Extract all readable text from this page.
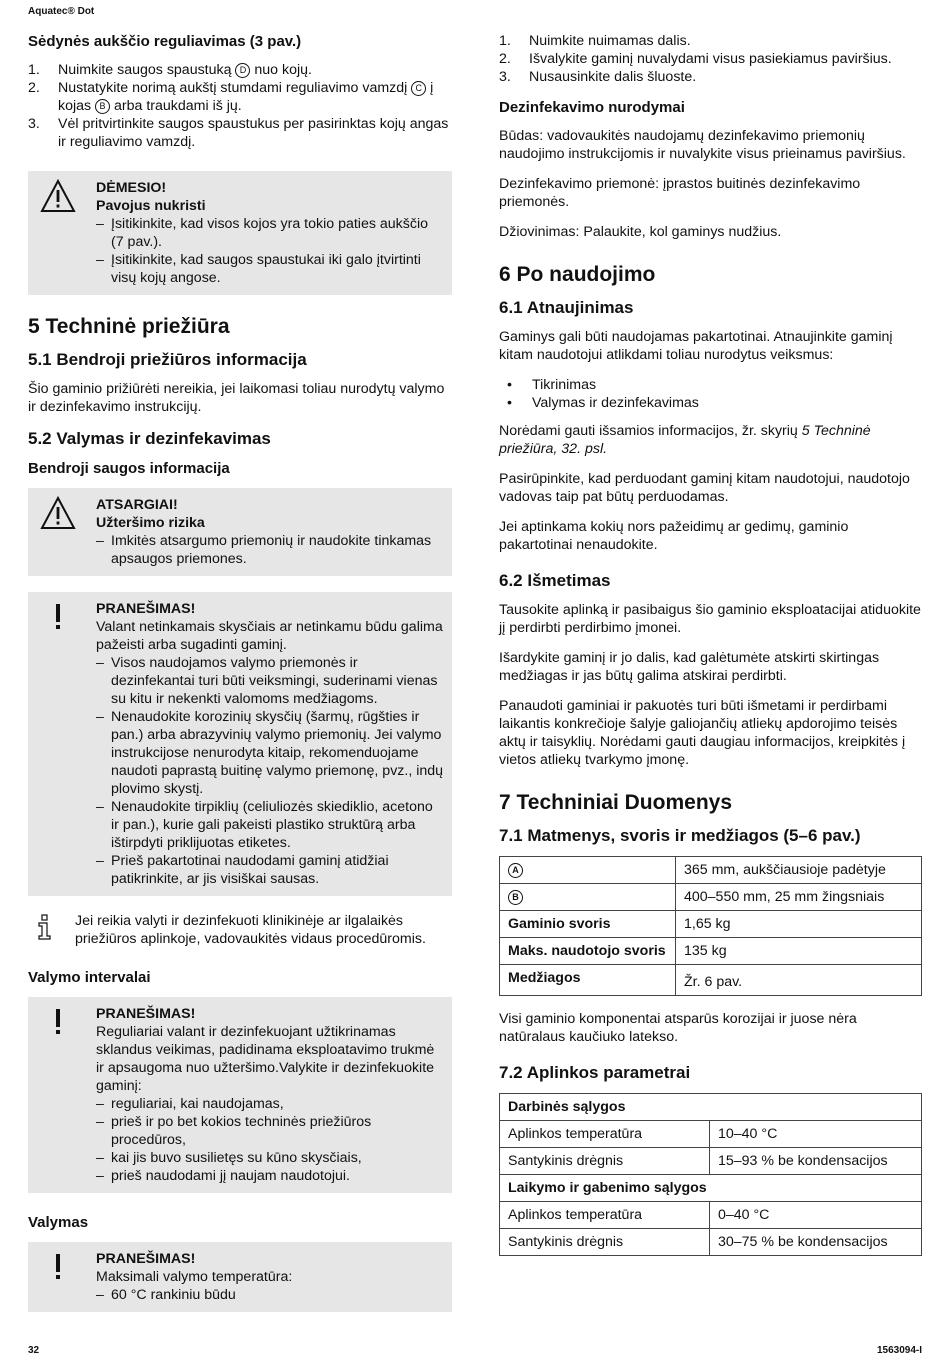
Aquatec® Dot
Sėdynės aukščio reguliavimas (3 pav.)
1. Nuimkite saugos spaustuką D nuo kojų.
2. Nustatykite norimą aukštį stumdami reguliavimo vamzdį C į kojas B arba traukdami iš jų.
3. Vėl pritvirtinkite saugos spaustukus per pasirinktas kojų angas ir reguliavimo vamzdį.
DĖMESIO!
Pavojus nukristi
– Įsitikinkite, kad visos kojos yra tokio paties aukščio (7 pav.).
– Įsitikinkite, kad saugos spaustukai iki galo įtvirtinti visų kojų angose.
5 Techninė priežiūra
5.1 Bendroji priežiūros informacija

Šio gaminio prižiūrėti nereikia, jei laikomasi toliau nurodytų valymo ir dezinfekavimo instrukcijų.

5.2 Valymas ir dezinfekavimas
Bendroji saugos informacija
ATSARGIAI!
Užteršimo rizika
– Imkitės atsargumo priemonių ir naudokite tinkamas apsaugos priemones.
PRANEŠIMAS!
Valant netinkamais skysčiais ar netinkamu būdu galima pažeisti arba sugadinti gaminį.
– Visos naudojamos valymo priemonės ir dezinfekantai turi būti veiksmingi, suderinami vienas su kitu ir nekenkti valomoms medžiagoms.
– Nenaudokite korozinių skysčių (šarmų, rūgšties ir pan.) arba abrazyvinių valymo priemonių. Jei valymo instrukcijose nenurodyta kitaip, rekomenduojame naudoti paprastą buitinę valymo priemonę, pvz., indų plovimo skystį.
– Nenaudokite tirpiklių (celiuliozės skiediklio, acetono ir pan.), kurie gali pakeisti plastiko struktūrą arba ištirpdyti priklijuotas etiketes.
– Prieš pakartotinai naudodami gaminį atidžiai patikrinkite, ar jis visiškai sausas.
Jei reikia valyti ir dezinfekuoti klinikinėje ar ilgalaikės priežiūros aplinkoje, vadovaukitės vidaus procedūromis.
Valymo intervalai
PRANEŠIMAS!
Reguliariai valant ir dezinfekuojant užtikrinamas sklandus veikimas, padidinama eksploatavimo trukmė ir apsaugoma nuo užteršimo.Valykite ir dezinfekuokite gaminį:
– reguliariai, kai naudojamas,
– prieš ir po bet kokios techninės priežiūros procedūros,
– kai jis buvo susilietęs su kūno skysčiais,
– prieš naudodami jį naujam naudotojui.
Valymas
PRANEŠIMAS!
Maksimali valymo temperatūra:
– 60 °C rankiniu būdu
1. Nuimkite nuimamas dalis.
2. Išvalykite gaminį nuvalydami visus pasiekiamus paviršius.
3. Nusausinkite dalis šluoste.
Dezinfekavimo nurodymai

Būdas: vadovaukitės naudojamų dezinfekavimo priemonių naudojimo instrukcijomis ir nuvalykite visus prieinamus paviršius.

Dezinfekavimo priemonė: įprastos buitinės dezinfekavimo priemonės.

Džiovinimas: Palaukite, kol gaminys nudžius.

6 Po naudojimo
6.1 Atnaujinimas

Gaminys gali būti naudojamas pakartotinai. Atnaujinkite gaminį kitam naudotojui atlikdami toliau nurodytus veiksmus:

• Tikrinimas
• Valymas ir dezinfekavimas

Norėdami gauti išsamios informacijos, žr. skyrių 5 Techninė priežiūra, 32. psl.

Pasirūpinkite, kad perduodant gaminį kitam naudotojui, naudotojo vadovas taip pat būtų perduodamas.

Jei aptinkama kokių nors pažeidimų ar gedimų, gaminio pakartotinai nenaudokite.

6.2 Išmetimas

Tausokite aplinką ir pasibaigus šio gaminio eksploatacijai atiduokite jį perdirbti perdirbimo įmonei.

Išardykite gaminį ir jo dalis, kad galėtumėte atskirti skirtingas medžiagas ir jas būtų galima atskirai perdirbti.

Panaudoti gaminiai ir pakuotės turi būti išmetami ir perdirbami laikantis konkrečioje šalyje galiojančių atliekų apdorojimo teisės aktų ir taisyklių. Norėdami gauti daugiau informacijos, kreipkitės į vietos atliekų tvarkymo įmonę.

7 Techniniai Duomenys
7.1 Matmenys, svoris ir medžiagos (5–6 pav.)
A	365 mm, aukščiausioje padėtyje
B	400–550 mm, 25 mm žingsniais
Gaminio svoris	1,65 kg
Maks. naudotojo svoris	135 kg
Medžiagos	Žr. 6 pav.

Visi gaminio komponentai atsparūs korozijai ir juose nėra natūralaus kaučiuko latekso.

7.2 Aplinkos parametrai
Darbinės sąlygos	
Aplinkos temperatūra	10–40 °C
Santykinis drėgnis	15–93 % be kondensacijos
Laikymo ir gabenimo sąlygos	
Aplinkos temperatūra	0–40 °C
Santykinis drėgnis	30–75 % be kondensacijos
32	1563094-I
